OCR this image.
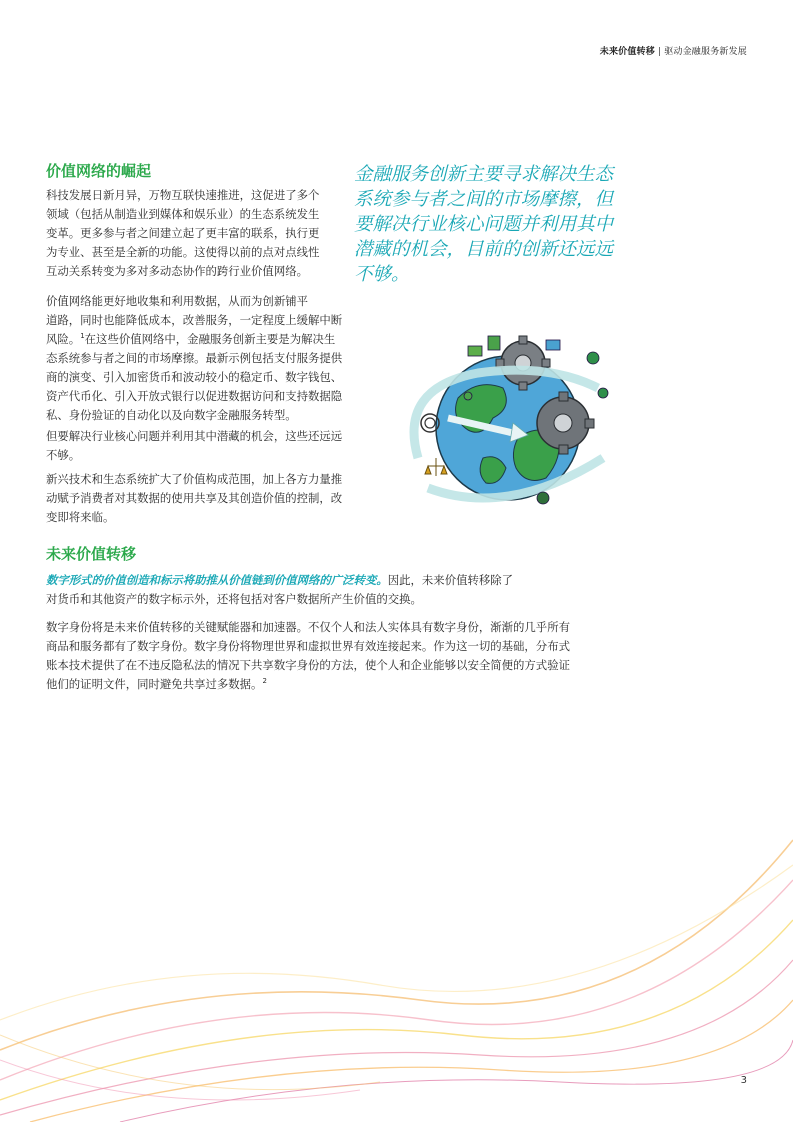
未来价值转移 | 驱动金融服务新发展
价值网络的崛起

科技发展日新月异，万物互联快速推进，这促进了多个
领域（包括从制造业到媒体和娱乐业）的生态系统发生
变革。更多参与者之间建立起了更丰富的联系，执行更
为专业、甚至是全新的功能。这使得以前的点对点线性
互动关系转变为多对多动态协作的跨行业价值网络。

价值网络能更好地收集和利用数据，从而为创新铺平
道路，同时也能降低成本，改善服务，一定程度上缓解中断
风险。$^1$在这些价值网络中，金融服务创新主要是为解决生
态系统参与者之间的市场摩擦。最新示例包括支付服务提供
商的演变、引入加密货币和波动较小的稳定币、数字钱包、
资产代币化、引入开放式银行以促进数据访问和支持数据隐
私、身份验证的自动化以及向数字金融服务转型。

但要解决行业核心问题并利用其中潜藏的机会，这些还远远
不够。

新兴技术和生态系统扩大了价值构成范围，加上各方力量推
动赋予消费者对其数据的使用共享及其创造价值的控制，改
变即将来临。

金融服务创新主要寻求解决生态
系统参与者之间的市场摩擦，但
要解决行业核心问题并利用其中
潜藏的机会，目前的创新还远远
不够。

未来价值转移

数字形式的价值创造和标示将助推从价值链到价值网络的广泛转变。因此，未来价值转移除了
对货币和其他资产的数字标示外，还将包括对客户数据所产生价值的交换。

数字身份将是未来价值转移的关键赋能器和加速器。不仅个人和法人实体具有数字身份，渐渐的几乎所有
商品和服务都有了数字身份。数字身份将物理世界和虚拟世界有效连接起来。作为这一切的基础，分布式
账本技术提供了在不违反隐私法的情况下共享数字身份的方法，使个人和企业能够以安全简便的方式验证
他们的证明文件，同时避免共享过多数据。$^2$

3
